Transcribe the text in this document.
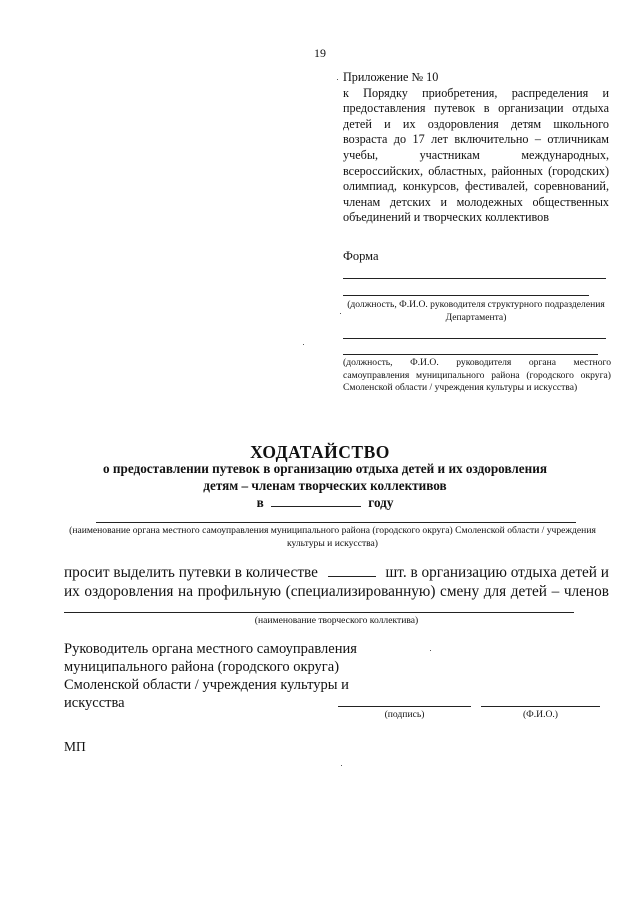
19

Приложение № 10

к Порядку приобретения, распределения и предоставления путевок в организации отдыха детей и их оздоровления детям школьного возраста до 17 лет включительно – отличникам учебы, участникам международных, всероссийских, областных, районных (городских) олимпиад, конкурсов, фестивалей, соревнований, членам детских и молодежных общественных объединений и творческих коллективов

Форма
(должность, Ф.И.О. руководителя структурного подразделения Департамента)
(должность, Ф.И.О. руководителя органа местного самоуправления муниципального района (городского округа) Смоленской области / учреждения культуры и искусства)
ХОДАТАЙСТВО
о предоставлении путевок в организацию отдыха детей и их оздоровления
детям – членам творческих коллективов
в	году
(наименование органа местного самоуправления муниципального района (городского округа) Смоленской области / учреждения культуры и искусства)
просит выделить путевки в количестве	шт. в организацию отдыха детей и
их оздоровления на профильную (специализированную) смену для детей – членов
(наименование творческого коллектива)
Руководитель органа местного самоуправления муниципального района (городского округа) Смоленской области / учреждения культуры и искусства
(подпись)	(Ф.И.О.)
МП
